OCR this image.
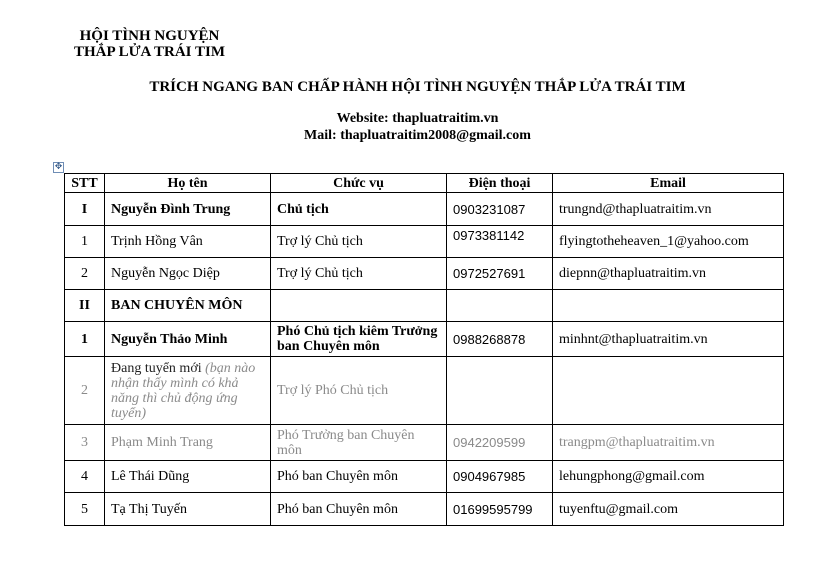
HỘI TÌNH NGUYỆN
THẮP LỬA TRÁI TIM
TRÍCH NGANG BAN CHẤP HÀNH HỘI TÌNH NGUYỆN THẮP LỬA TRÁI TIM
Website: thapluatraitim.vn
Mail: thapluatraitim2008@gmail.com
✥
STT	Họ tên	Chức vụ	Điện thoại	Email
I	Nguyễn Đình Trung	Chủ tịch	0903231087	trungnd@thapluatraitim.vn
1	Trịnh Hồng Vân	Trợ lý Chủ tịch	0973381142	flyingtotheheaven_1@yahoo.com
2	Nguyễn Ngọc Diệp	Trợ lý Chủ tịch	0972527691	diepnn@thapluatraitim.vn
II	BAN CHUYÊN MÔN			
1	Nguyễn Thảo Minh	Phó Chủ tịch kiêm Trưởng ban Chuyên môn	0988268878	minhnt@thapluatraitim.vn
2	Đang tuyển mới (bạn nào nhận thấy mình có khả năng thì chủ động ứng tuyển)	Trợ lý Phó Chủ tịch		
3	Phạm Minh Trang	Phó Trưởng ban Chuyên môn	0942209599	trangpm@thapluatraitim.vn
4	Lê Thái Dũng	Phó ban Chuyên môn	0904967985	lehungphong@gmail.com
5	Tạ Thị Tuyến	Phó ban Chuyên môn	01699595799	tuyenftu@gmail.com
